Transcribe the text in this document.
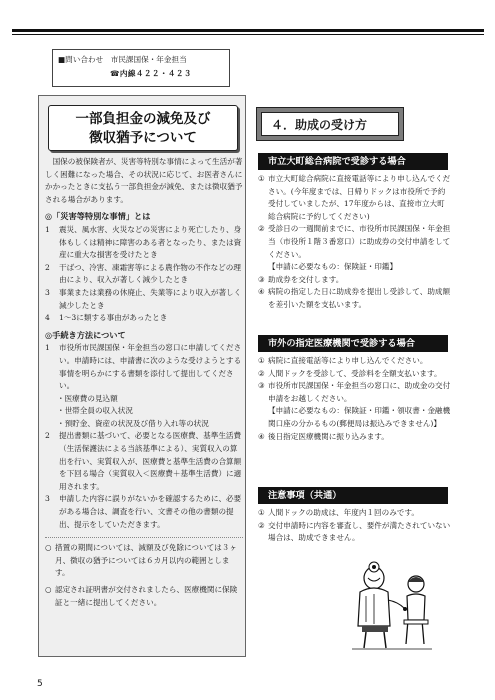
■問い合わせ　市民課国保・年金担当
☎内線４２２・４２３
一部負担金の減免及び
徴収猶予について

国保の被保険者が、災害等特別な事情によって生活が著しく困難になった場合、その状況に応じて、お医者さんにかかったときに支払う一部負担金が減免、または徴収猶予される場合があります。

◎「災害等特別な事情」とは
1	震災、風水害、火災などの災害により死亡したり、身体もしくは精神に障害のある者となったり、または資産に重大な損害を受けたとき
2	干ばつ、冷害、凍霜害等による農作物の不作などの理由により、収入が著しく減少したとき
3	事業または業務の休廃止、失業等により収入が著しく減少したとき
4	1～3に類する事由があったとき
◎手続き方法について
1	市役所市民課国保・年金担当の窓口に申請してください。申請時には、申請書に次のような受けようとする事情を明らかにする書類を添付して提出してください。
・医療費の見込額
・世帯全員の収入状況
・預貯金、資産の状況及び借り入れ等の状況
2	提出書類に基づいて、必要となる医療費、基準生活費（生活保護法による当該基準による）、実質収入の算出を行い、実質収入が、医療費と基準生活費の合算額を下回る場合（実質収入＜医療費＋基準生活費）に適用されます。
3	申請した内容に誤りがないかを確認するために、必要がある場合は、調査を行い、文書その他の書類の提出、提示をしていただきます。
○ 措置の期間については、減額及び免除については３ヶ月、徴収の猶予については６カ月以内の範囲とします。
○ 認定され証明書が交付されましたら、医療機関に保険証と一緒に提出してください。
４．助成の受け方
市立大町総合病院で受診する場合
① 市立大町総合病院に直接電話等により申し込んでください。(今年度までは、日帰りドックは市役所で予約受付していましたが、17年度からは、直接市立大町総合病院に予約してください)
② 受診日の一週間前までに、市役所市民課国保・年金担当（市役所１階３番窓口）に助成券の交付申請をしてください。
【申請に必要なもの：保険証・印鑑】
③ 助成券を交付します。
④ 病院の指定した日に助成券を提出し受診して、助成額を差引いた額を支払います。
市外の指定医療機関で受診する場合
① 病院に直接電話等により申し込んでください。
② 人間ドックを受診して、受診料を全額支払います。
③ 市役所市民課国保・年金担当の窓口に、助成金の交付申請をお越しください。
【申請に必要なもの：保険証・印鑑・領収書・金融機関口座の分かるもの(郵便局は振込みできません)】
④ 後日指定医療機関に振り込みます。
注意事項（共通）
① 人間ドックの助成は、年度内１回のみです。
② 交付申請時に内容を審査し、要件が満たされていない場合は、助成できません。
5
